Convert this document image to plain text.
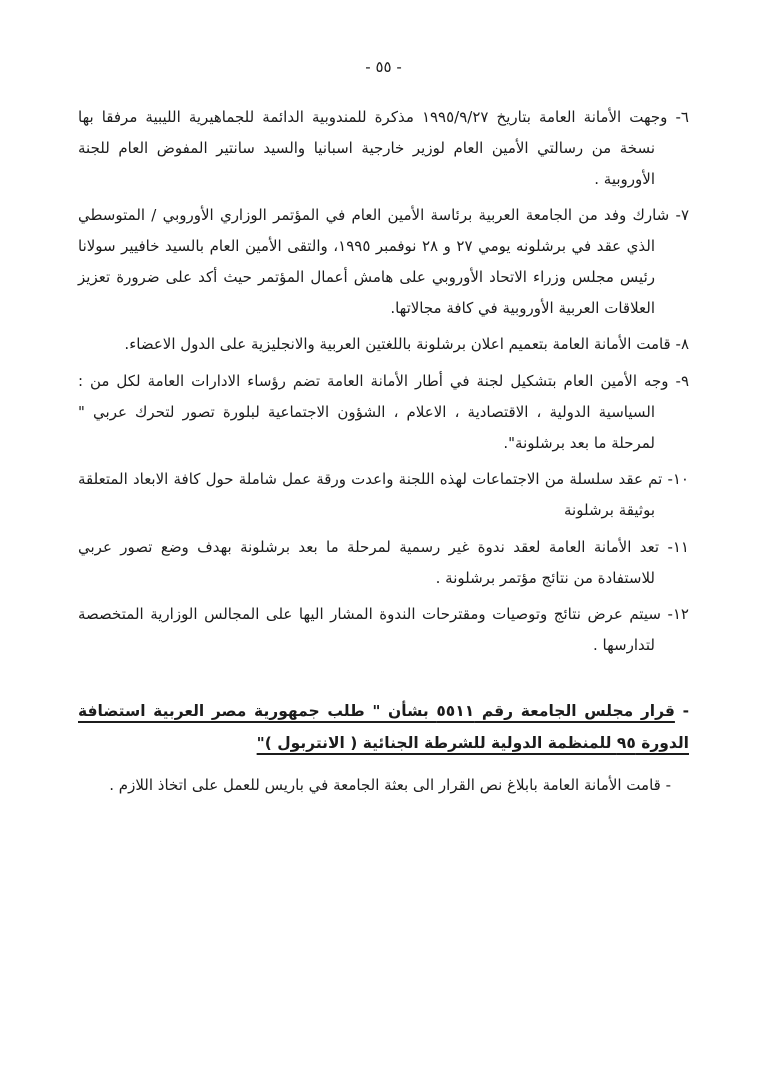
- ٥٥ -

٦- وجهت الأمانة العامة بتاريخ ١٩٩٥/٩/٢٧ مذكرة للمندوبية الدائمة للجماهيرية الليبية مرفقا بها نسخة من رسالتي الأمين العام لوزير خارجية اسبانيا والسيد سانتير المفوض العام للجنة الأوروبية .

٧- شارك وفد من الجامعة العربية برئاسة الأمين العام في المؤتمر الوزاري الأوروبي / المتوسطي الذي عقد في برشلونه يومي ٢٧ و ٢٨ نوفمبر ١٩٩٥، والتقى الأمين العام بالسيد خافيير سولانا رئيس مجلس وزراء الاتحاد الأوروبي على هامش أعمال المؤتمر حيث أكد على ضرورة تعزيز العلاقات العربية الأوروبية في كافة مجالاتها.

٨- قامت الأمانة العامة بتعميم اعلان برشلونة باللغتين العربية والانجليزية على الدول الاعضاء.

٩- وجه الأمين العام بتشكيل لجنة في أطار الأمانة العامة تضم رؤساء الادارات العامة لكل من : السياسية الدولية ، الاقتصادية ، الاعلام ، الشؤون الاجتماعية لبلورة تصور لتحرك عربي " لمرحلة ما بعد برشلونة".

١٠- تم عقد سلسلة من الاجتماعات لهذه اللجنة واعدت ورقة عمل شاملة حول كافة الابعاد المتعلقة بوثيقة برشلونة

١١- تعد الأمانة العامة لعقد ندوة غير رسمية لمرحلة ما بعد برشلونة بهدف وضع تصور عربي للاستفادة من نتائج مؤتمر برشلونة .

١٢- سيتم عرض نتائج وتوصيات ومقترحات الندوة المشار اليها على المجالس الوزارية المتخصصة لتدارسها .

- قرار مجلس الجامعة رقم ٥٥١١ بشأن " طلب جمهورية مصر العربية استضافة الدورة ٩٥ للمنظمة الدولية للشرطة الجنائية ( الانتربول )"

- قامت الأمانة العامة بابلاغ نص القرار الى بعثة الجامعة في باريس للعمل على اتخاذ اللازم .
